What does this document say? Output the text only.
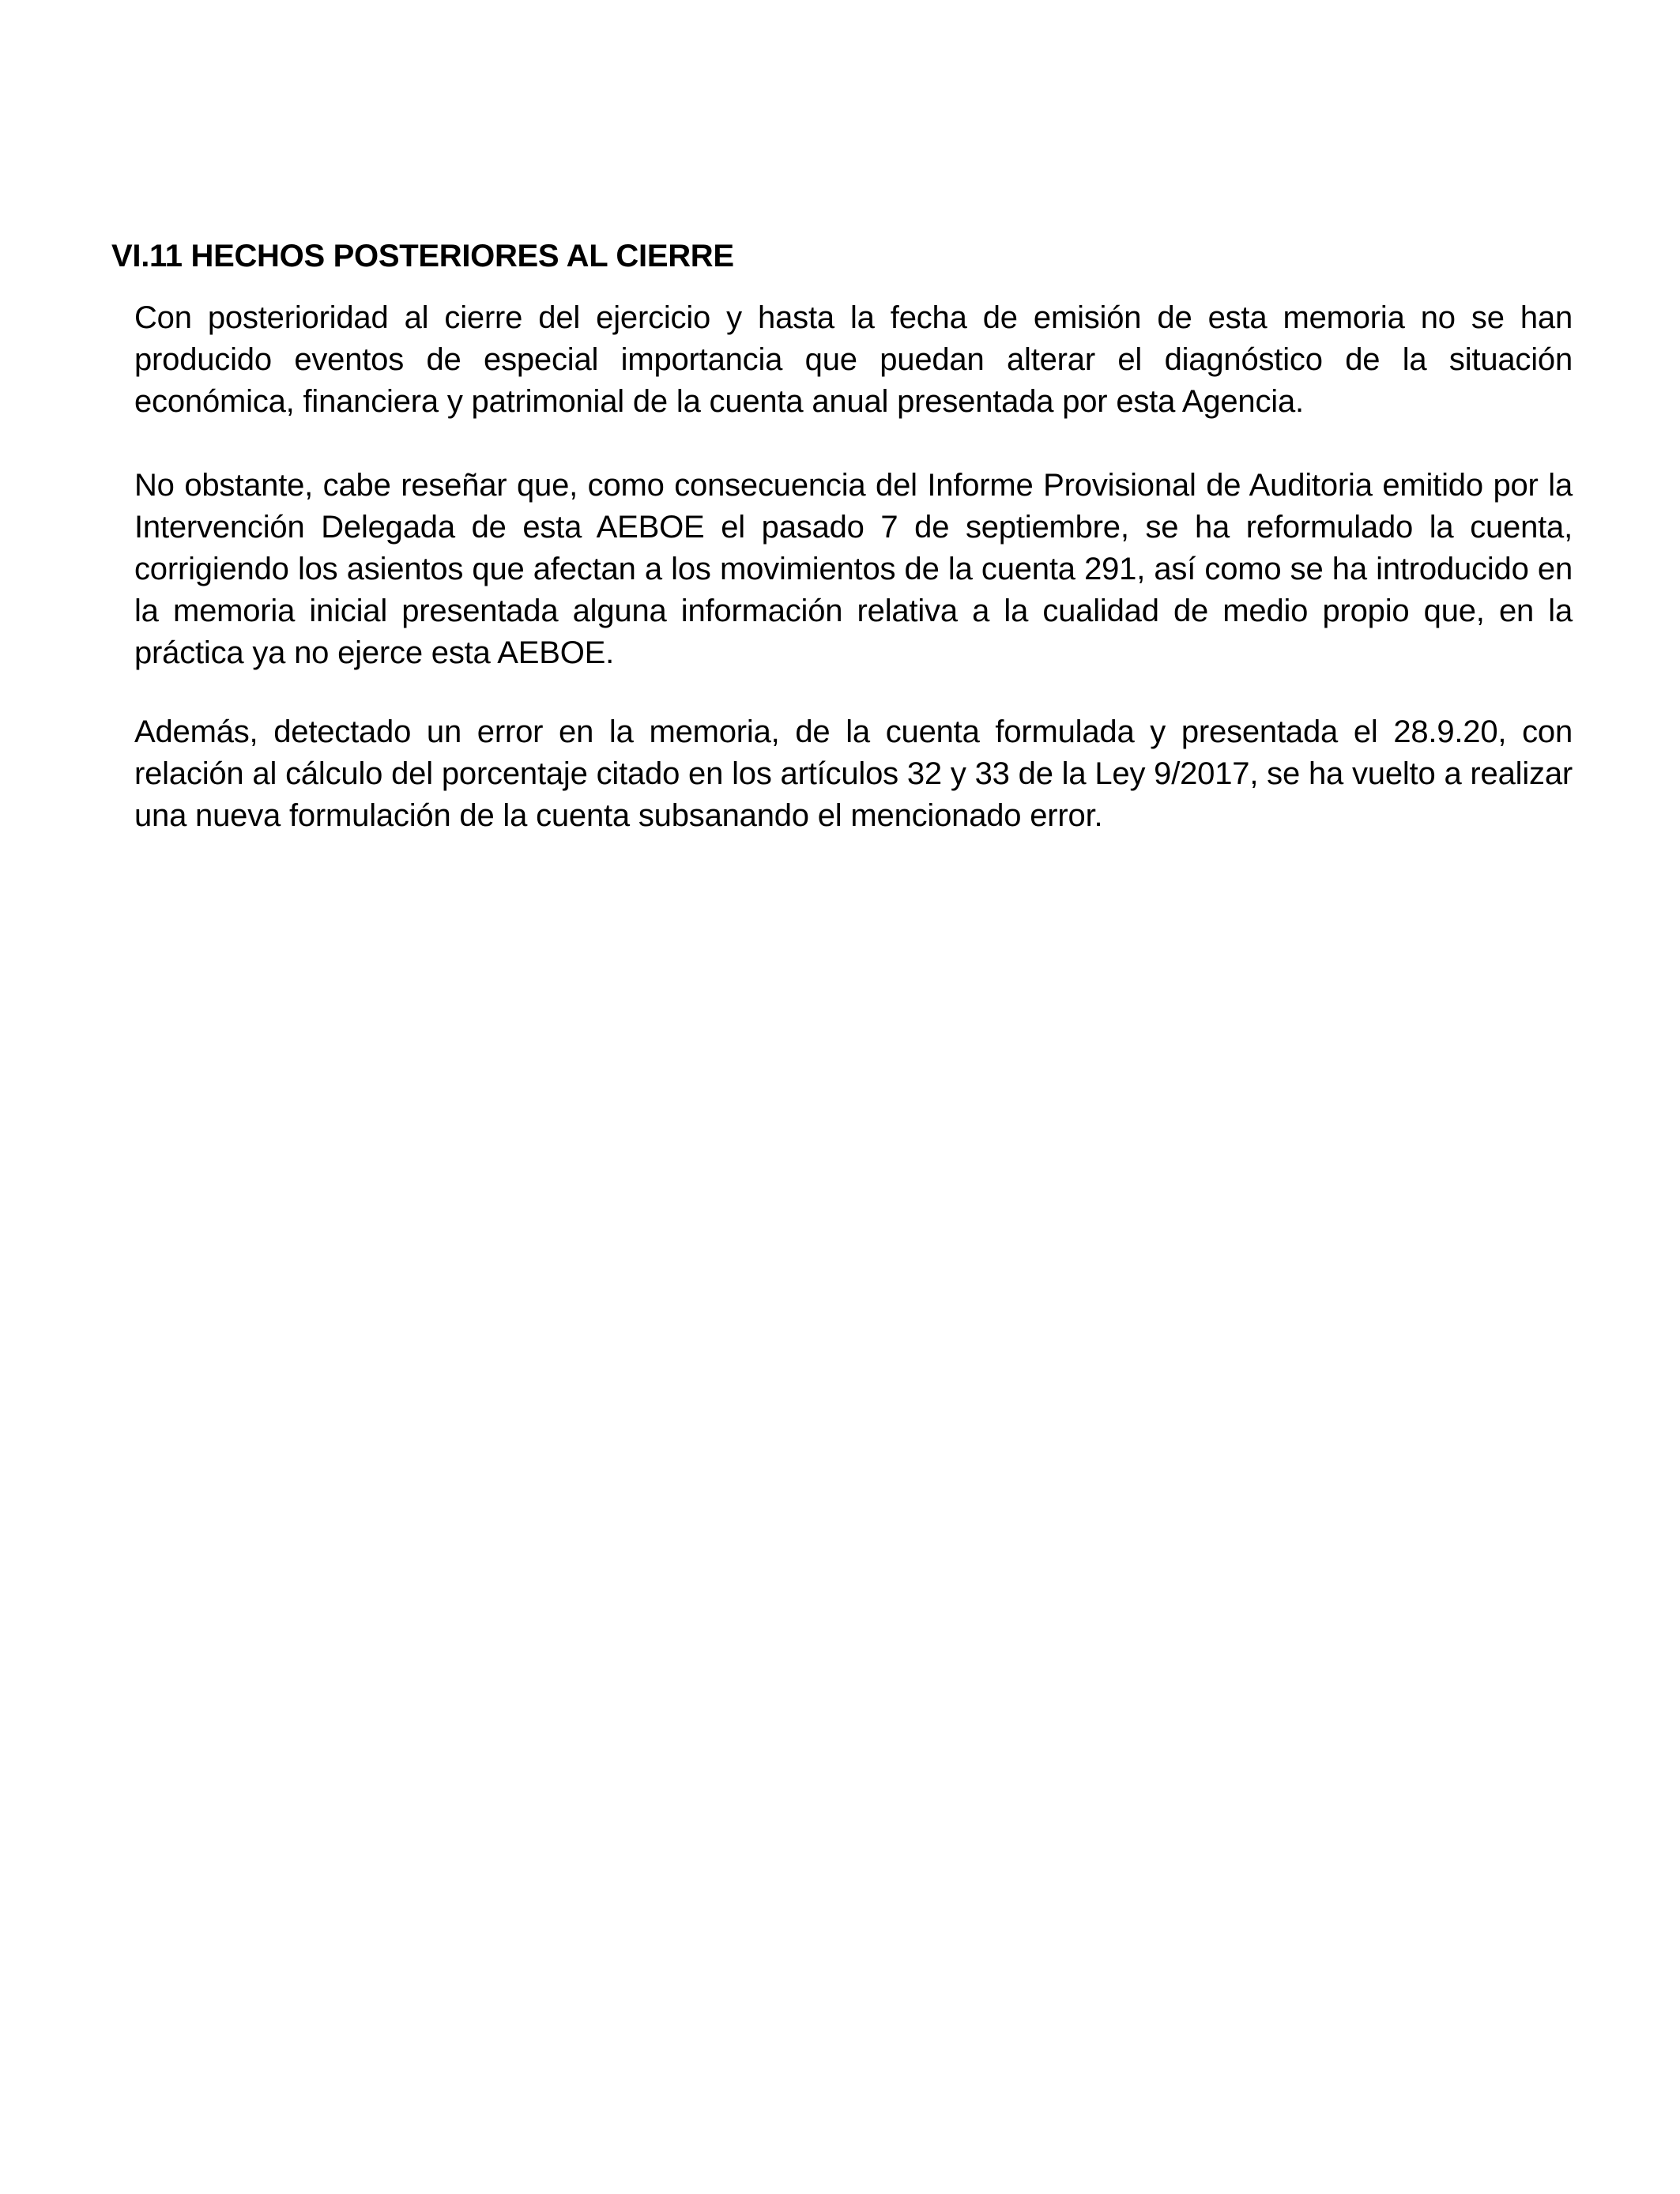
VI.11 HECHOS POSTERIORES AL CIERRE

Con posterioridad al cierre del ejercicio y hasta la fecha de emisión de esta memoria no se han producido eventos de especial importancia que puedan alterar el diagnóstico de la situación económica, financiera y patrimonial de la cuenta anual presentada por esta Agencia.

No obstante, cabe reseñar que, como consecuencia del Informe Provisional de Auditoria emitido por la Intervención Delegada de esta AEBOE el pasado 7 de septiembre, se ha reformulado la cuenta, corrigiendo los asientos que afectan a los movimientos de la cuenta 291, así como se ha introducido en la memoria inicial presentada alguna información relativa a la cualidad de medio propio que, en la práctica ya no ejerce esta AEBOE.

Además, detectado un error en la memoria, de la cuenta formulada y presentada el 28.9.20, con relación al cálculo del porcentaje citado en los artículos 32 y 33 de la Ley 9/2017, se ha vuelto a realizar una nueva formulación de la cuenta subsanando el mencionado error.
